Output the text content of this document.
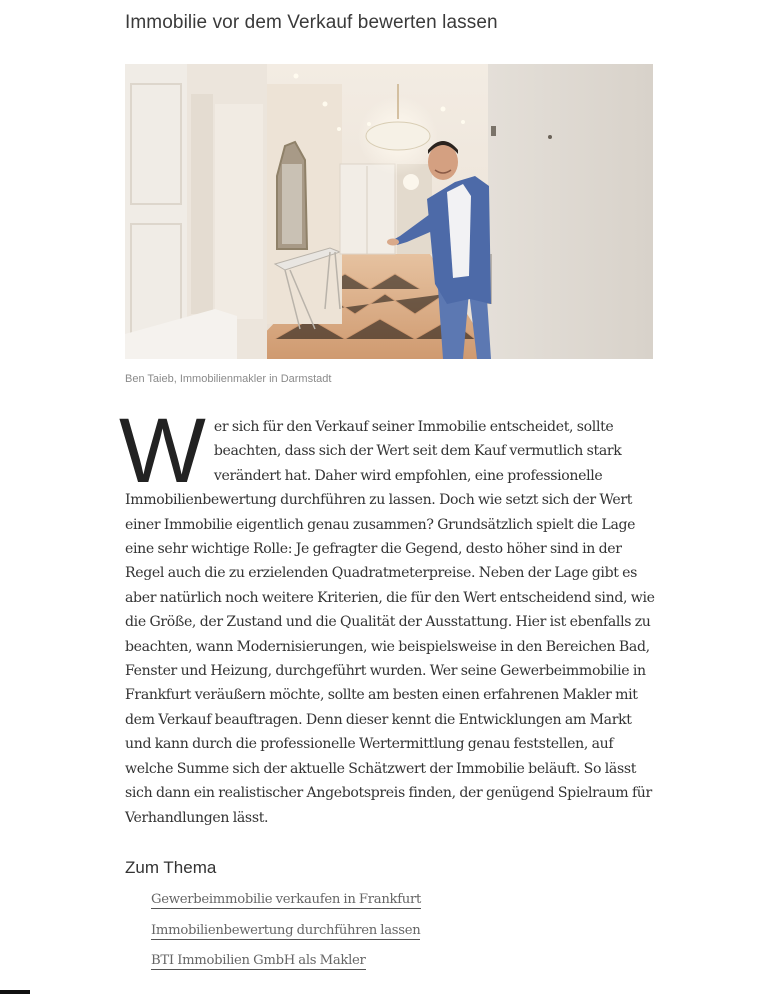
Immobilie vor dem Verkauf bewerten lassen

Ben Taieb, Immobilienmakler in Darmstadt

W er sich für den Verkauf seiner Immobilie entscheidet, sollte beachten, dass sich der Wert seit dem Kauf vermutlich stark verändert hat. Daher wird empfohlen, eine professionelle Immobilienbewertung durchführen zu lassen. Doch wie setzt sich der Wert einer Immobilie eigentlich genau zusammen? Grundsätzlich spielt die Lage eine sehr wichtige Rolle: Je gefragter die Gegend, desto höher sind in der Regel auch die zu erzielenden Quadratmeterpreise. Neben der Lage gibt es aber natürlich noch weitere Kriterien, die für den Wert entscheidend sind, wie die Größe, der Zustand und die Qualität der Ausstattung. Hier ist ebenfalls zu beachten, wann Modernisierungen, wie beispielsweise in den Bereichen Bad, Fenster und Heizung, durchgeführt wurden. Wer seine Gewerbeimmobilie in Frankfurt veräußern möchte, sollte am besten einen erfahrenen Makler mit dem Verkauf beauftragen. Denn dieser kennt die Entwicklungen am Markt und kann durch die professionelle Wertermittlung genau feststellen, auf welche Summe sich der aktuelle Schätzwert der Immobilie beläuft. So lässt sich dann ein realistischer Angebotspreis finden, der genügend Spielraum für Verhandlungen lässt.
Zum Thema
Gewerbeimmobilie verkaufen in Frankfurt
Immobilienbewertung durchführen lassen
BTI Immobilien GmbH als Makler
